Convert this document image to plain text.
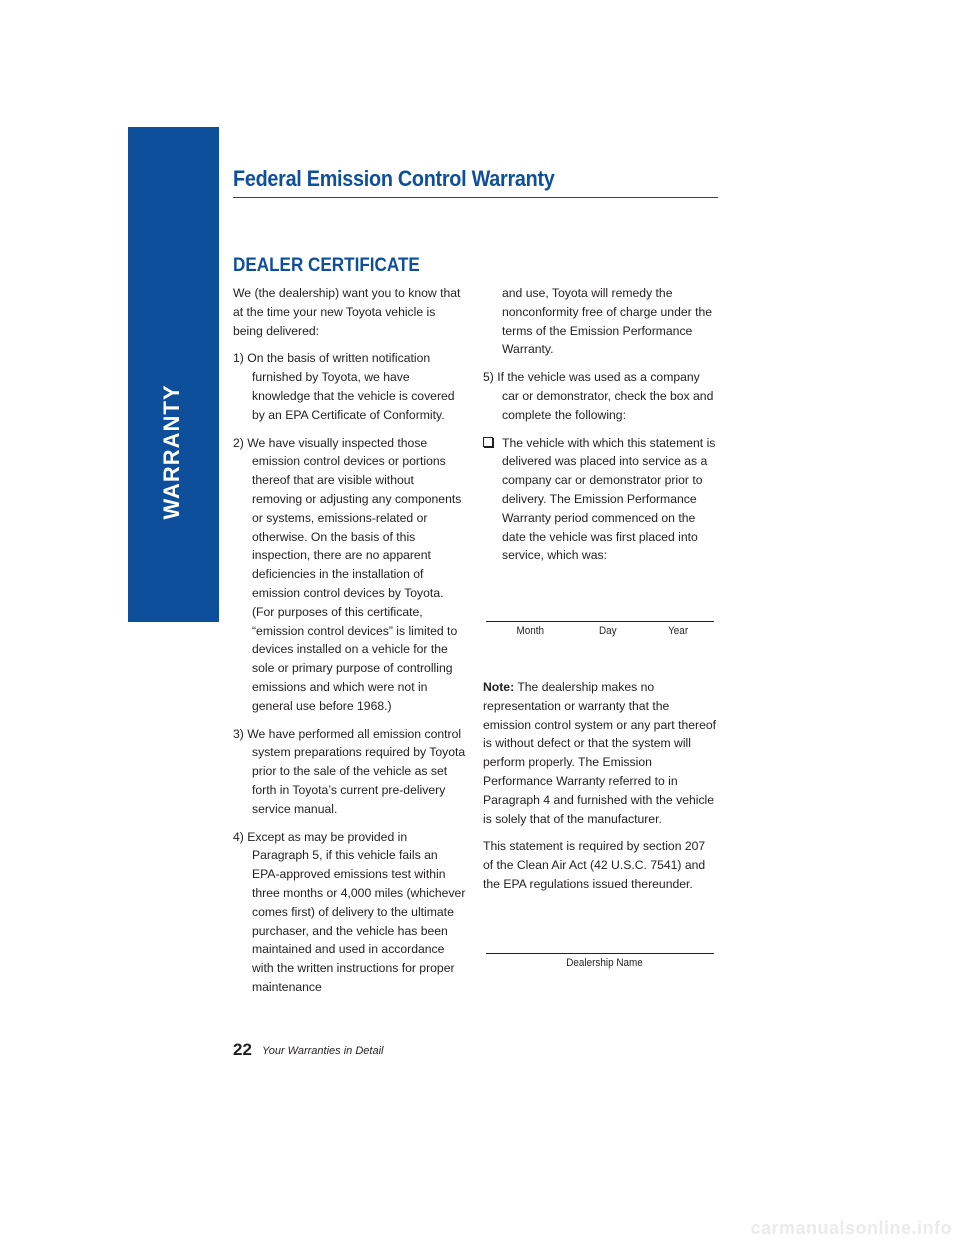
WARRANTY
Federal Emission Control Warranty
DEALER CERTIFICATE

We (the dealership) want you to know that at the time your new Toyota vehicle is being delivered:

1) On the basis of written notification furnished by Toyota, we have knowledge that the vehicle is covered by an EPA Certificate of Conformity.

2) We have visually inspected those emission control devices or portions thereof that are visible without removing or adjusting any components or systems, emissions-related or otherwise. On the basis of this inspection, there are no apparent deficiencies in the installation of emission control devices by Toyota. (For purposes of this certificate, “emission control devices” is limited to devices installed on a vehicle for the sole or primary purpose of controlling emissions and which were not in general use before 1968.)

3) We have performed all emission control system preparations required by Toyota prior to the sale of the vehicle as set forth in Toyota’s current pre-delivery service manual.

4) Except as may be provided in Paragraph 5, if this vehicle fails an EPA-approved emissions test within three months or 4,000 miles (whichever comes first) of delivery to the ultimate purchaser, and the vehicle has been maintained and used in accordance with the written instructions for proper maintenance

and use, Toyota will remedy the nonconformity free of charge under the terms of the Emission Performance Warranty.

5) If the vehicle was used as a company car or demonstrator, check the box and complete the following:

The vehicle with which this statement is delivered was placed into service as a company car or demonstrator prior to delivery. The Emission Performance Warranty period commenced on the date the vehicle was first placed into service, which was:

Month	Day	Year

Note: The dealership makes no representation or warranty that the emission control system or any part thereof is without defect or that the system will perform properly. The Emission Performance Warranty referred to in Paragraph 4 and furnished with the vehicle is solely that of the manufacturer.

This statement is required by section 207 of the Clean Air Act (42 U.S.C. 7541) and the EPA regulations issued thereunder.

Dealership Name
22 Your Warranties in Detail
carmanualsonline.info
